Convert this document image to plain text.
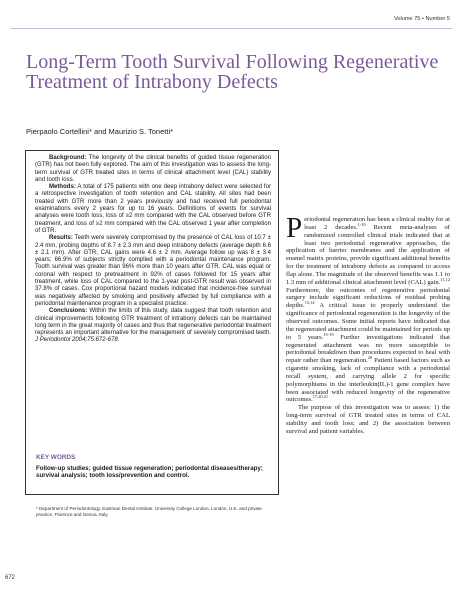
Volume 75 • Number 5
Long-Term Tooth Survival Following Regenerative Treatment of Intrabony Defects
Pierpaolo Cortellini* and Maurizio S. Tonetti*

Background: The longevity of the clinical benefits of guided tissue regeneration (GTR) has not been fully explored. The aim of this investigation was to assess the long-term survival of GTR treated sites in terms of clinical attachment level (CAL) stability and tooth loss.

Methods: A total of 175 patients with one deep intrabony defect were selected for a retrospective investigation of tooth retention and CAL stability. All sites had been treated with GTR more than 2 years previously and had received full periodontal examinations every 2 years for up to 16 years. Definitions of events for survival analyses were tooth loss, loss of ≥2 mm compared with the CAL observed before GTR treatment, and loss of ≥2 mm compared with the CAL observed 1 year after completion of GTR.

Results: Teeth were severely compromised by the presence of CAL loss of 10.7 ± 2.4 mm, probing depths of 8.7 ± 2.3 mm and deep intrabony defects (average depth 6.6 ± 2.1 mm). After GTR, CAL gains were 4.6 ± 2 mm. Average follow up was 8 ± 3.4 years; 66.9% of subjects strictly complied with a periodontal maintenance program. Tooth survival was greater than 96% more than 10 years after GTR. CAL was equal or coronal with respect to pretreatment in 92% of cases followed for 15 years after treatment, while loss of CAL compared to the 1-year post-GTR result was observed in 37.8% of cases. Cox proportional hazard models indicated that incidence-free survival was negatively affected by smoking and positively affected by full compliance with a periodontal maintenance program in a specialist practice.

Conclusions: Within the limits of this study, data suggest that tooth retention and clinical improvements following GTR treatment of intrabony defects can be maintained long term in the great majority of cases and thus that regenerative periodontal treatment represents an important alternative for the management of severely compromised teeth. J Periodontol 2004;75:672-678.

KEY WORDS
Follow-up studies; guided tissue regeneration; periodontal diseases/therapy; survival analysis; tooth loss/prevention and control.
* Department of Periodontology, Eastman Dental Institute, University College London, London, U.K. and private practice, Florence and Genoa, Italy.
672

Periodontal regeneration has been a clinical reality for at least 2 decades.$^{1-10}$ Recent meta-analyses of randomized controlled clinical trials indicated that at least two periodontal regenerative approaches, the application of barrier membranes and the application of enamel matrix proteins, provide significant additional benefits for the treatment of intrabony defects as compared to access flap alone. The magnitude of the observed benefits was 1.1 to 1.3 mm of additional clinical attachment level (CAL) gain.$^{11,12}$ Furthermore, the outcomes of regenerative periodontal surgery include significant reductions of residual probing depths.$^{13,14}$ A critical issue to properly understand the significance of periodontal regeneration is the longevity of the observed outcomes. Some initial reports have indicated that the regenerated attachment could be maintained for periods up to 5 years.$^{15-19}$ Further investigations indicated that regenerated attachment was no more susceptible to periodontal breakdown than procedures expected to heal with repair rather than regeneration.$^{20}$ Patient based factors such as cigarette smoking, lack of compliance with a periodontal recall system, and carrying allele 2 for specific polymorphisms in the interleukin(IL)-1 gene complex have been associated with reduced longevity of the regenerative outcomes.$^{17,20,21}$

The purpose of this investigation was to assess: 1) the long-term survival of GTR treated sites in terms of CAL stability and tooth loss; and 2) the association between survival and patient variables.
